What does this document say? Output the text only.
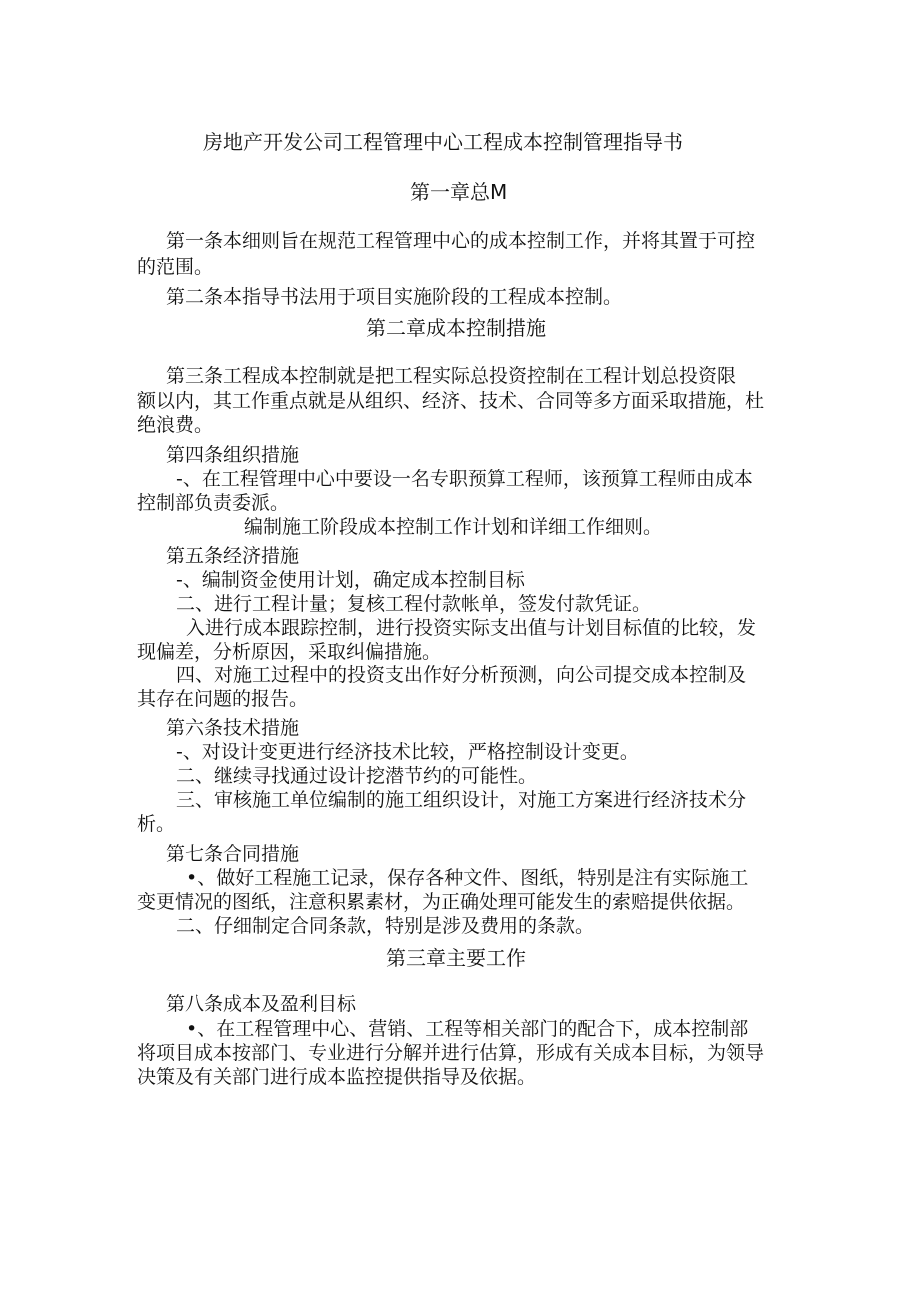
房地产开发公司工程管理中心工程成本控制管理指导书

第一章总M

第一条本细则旨在规范工程管理中心的成本控制工作，并将其置于可控

的范围。

第二条本指导书法用于项目实施阶段的工程成本控制。

第二章成本控制措施

第三条工程成本控制就是把工程实际总投资控制在工程计划总投资限

额以内，其工作重点就是从组织、经济、技术、合同等多方面采取措施，杜

绝浪费。

第四条组织措施

-、在工程管理中心中要设一名专职预算工程师，该预算工程师由成本

控制部负责委派。

编制施工阶段成本控制工作计划和详细工作细则。

第五条经济措施

-、编制资金使用计划，确定成本控制目标

二、进行工程计量；复核工程付款帐单，签发付款凭证。

入进行成本跟踪控制，进行投资实际支出值与计划目标值的比较，发

现偏差，分析原因，采取纠偏措施。

四、对施工过程中的投资支出作好分析预测，向公司提交成本控制及

其存在问题的报告。

第六条技术措施

-、对设计变更进行经济技术比较，严格控制设计变更。

二、继续寻找通过设计挖潜节约的可能性。

三、审核施工单位编制的施工组织设计，对施工方案进行经济技术分

析。

第七条合同措施

•、做好工程施工记录，保存各种文件、图纸，特别是注有实际施工

变更情况的图纸，注意积累素材，为正确处理可能发生的索赔提供依据。

二、仔细制定合同条款，特别是涉及费用的条款。

第三章主要工作

第八条成本及盈利目标

•、在工程管理中心、营销、工程等相关部门的配合下，成本控制部

将项目成本按部门、专业进行分解并进行估算，形成有关成本目标，为领导

决策及有关部门进行成本监控提供指导及依据。
